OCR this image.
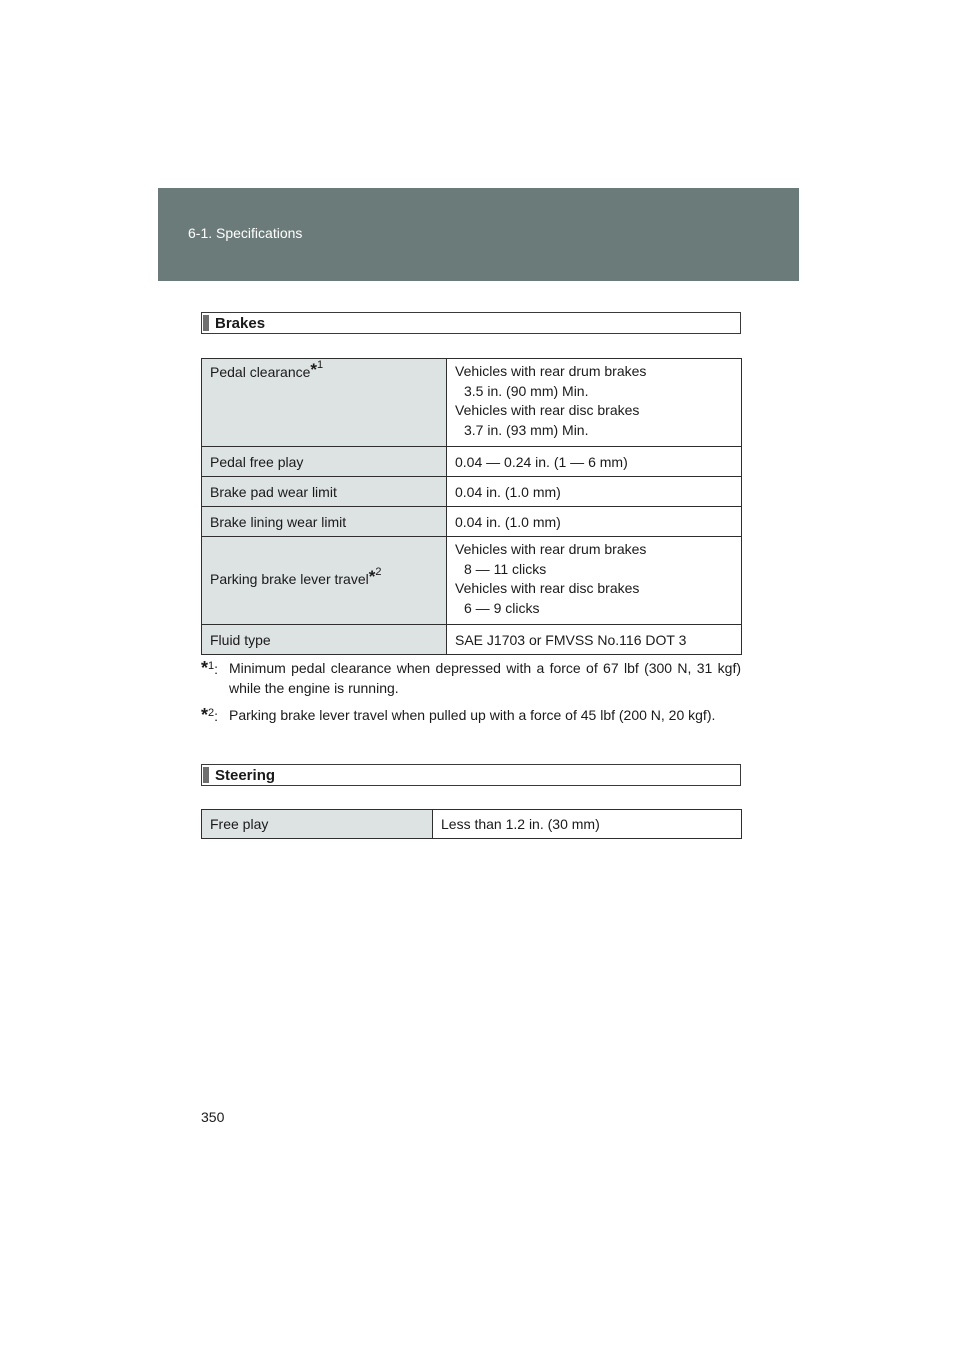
6-1. Specifications
Brakes
Pedal clearance$^{*1}$	Vehicles with rear drum brakes
3.5 in. (90 mm) Min.
Vehicles with rear disc brakes
3.7 in. (93 mm) Min.

Pedal free play	0.04 — 0.24 in. (1 — 6 mm)
Brake pad wear limit	0.04 in. (1.0 mm)
Brake lining wear limit	0.04 in. (1.0 mm)
Parking brake lever travel$^{*2}$	Vehicles with rear drum brakes
8 — 11 clicks
Vehicles with rear disc brakes
6 — 9 clicks

Fluid type	SAE J1703 or FMVSS No.116 DOT 3
*$^1$: Minimum pedal clearance when depressed with a force of 67 lbf (300 N, 31 kgf) while the engine is running.
*$^2$: Parking brake lever travel when pulled up with a force of 45 lbf (200 N, 20 kgf).
Steering
Free play	Less than 1.2 in. (30 mm)
350
